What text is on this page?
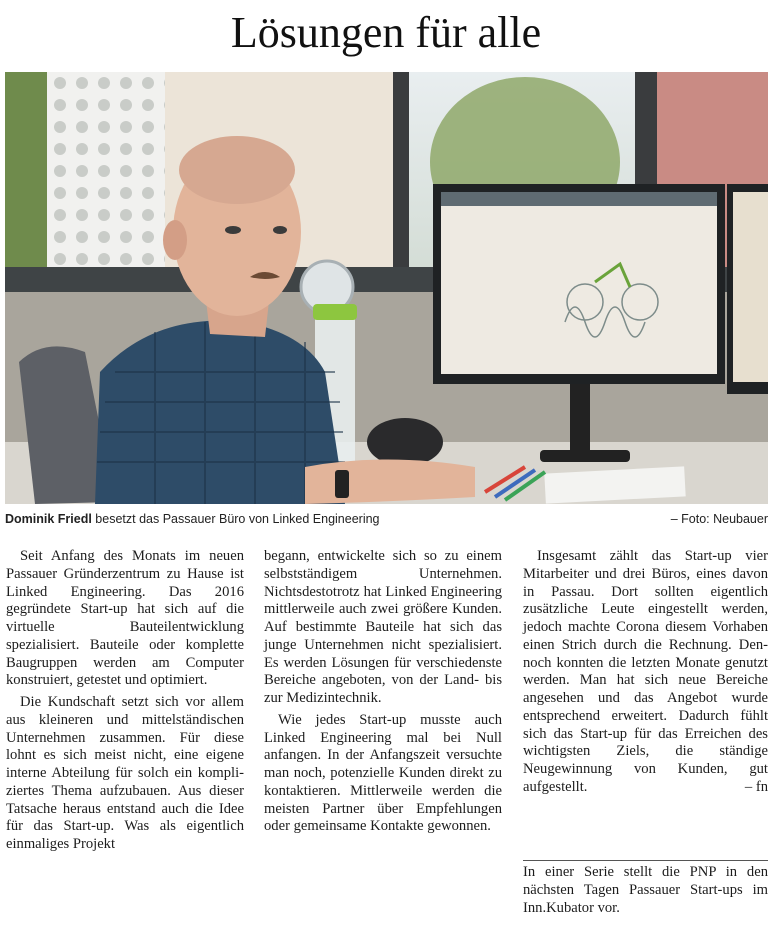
Lösungen für alle
Dominik Friedl besetzt das Passauer Büro von Linked Engineering	– Foto: Neubauer

Seit Anfang des Monats im neuen Passauer Gründerzentrum zu Hause ist Linked Engineering. Das 2016 gegründete Start-up hat sich auf die virtuelle Bauteilentwicklung spezialisiert. Bauteile oder komplette Baugruppen werden am Computer konstruiert, getestet und optimiert.

Die Kundschaft setzt sich vor allem aus kleineren und mittelständischen Unternehmen zusammen. Für diese lohnt es sich meist nicht, eine eigene interne Abteilung für solch ein kompliziertes Thema aufzubauen. Aus dieser Tatsache heraus entstand auch die Idee für das Start-up. Was als eigentlich einmaliges Projekt

begann, entwickelte sich so zu einem selbstständigem Unternehmen. Nichtsdestotrotz hat Linked Engineering mittlerweile auch zwei größere Kunden. Auf bestimmte Bauteile hat sich das junge Unternehmen nicht spezialisiert. Es werden Lösungen für verschiedenste Bereiche angeboten, von der Land- bis zur Medizintechnik.

Wie jedes Start-up musste auch Linked Engineering mal bei Null anfangen. In der Anfangszeit versuchte man noch, potenzielle Kunden direkt zu kontaktieren. Mittlerweile werden die meisten Partner über Empfehlungen oder gemeinsame Kontakte gewonnen.

Insgesamt zählt das Start-up vier Mitarbeiter und drei Büros, eines davon in Passau. Dort sollten eigentlich zusätzliche Leute eingestellt werden, jedoch machte Corona diesem Vorhaben einen Strich durch die Rechnung. Dennoch konnten die letzten Monate genutzt werden. Man hat sich neue Bereiche angesehen und das Angebot wurde entsprechend erweitert. Dadurch fühlt sich das Start-up für das Erreichen des wichtigsten Ziels, die ständige Neugewinnung von Kunden, gut aufgestellt.	– fn

In einer Serie stellt die PNP in den nächsten Tagen Passauer Start-ups im Inn.Kubator vor.
